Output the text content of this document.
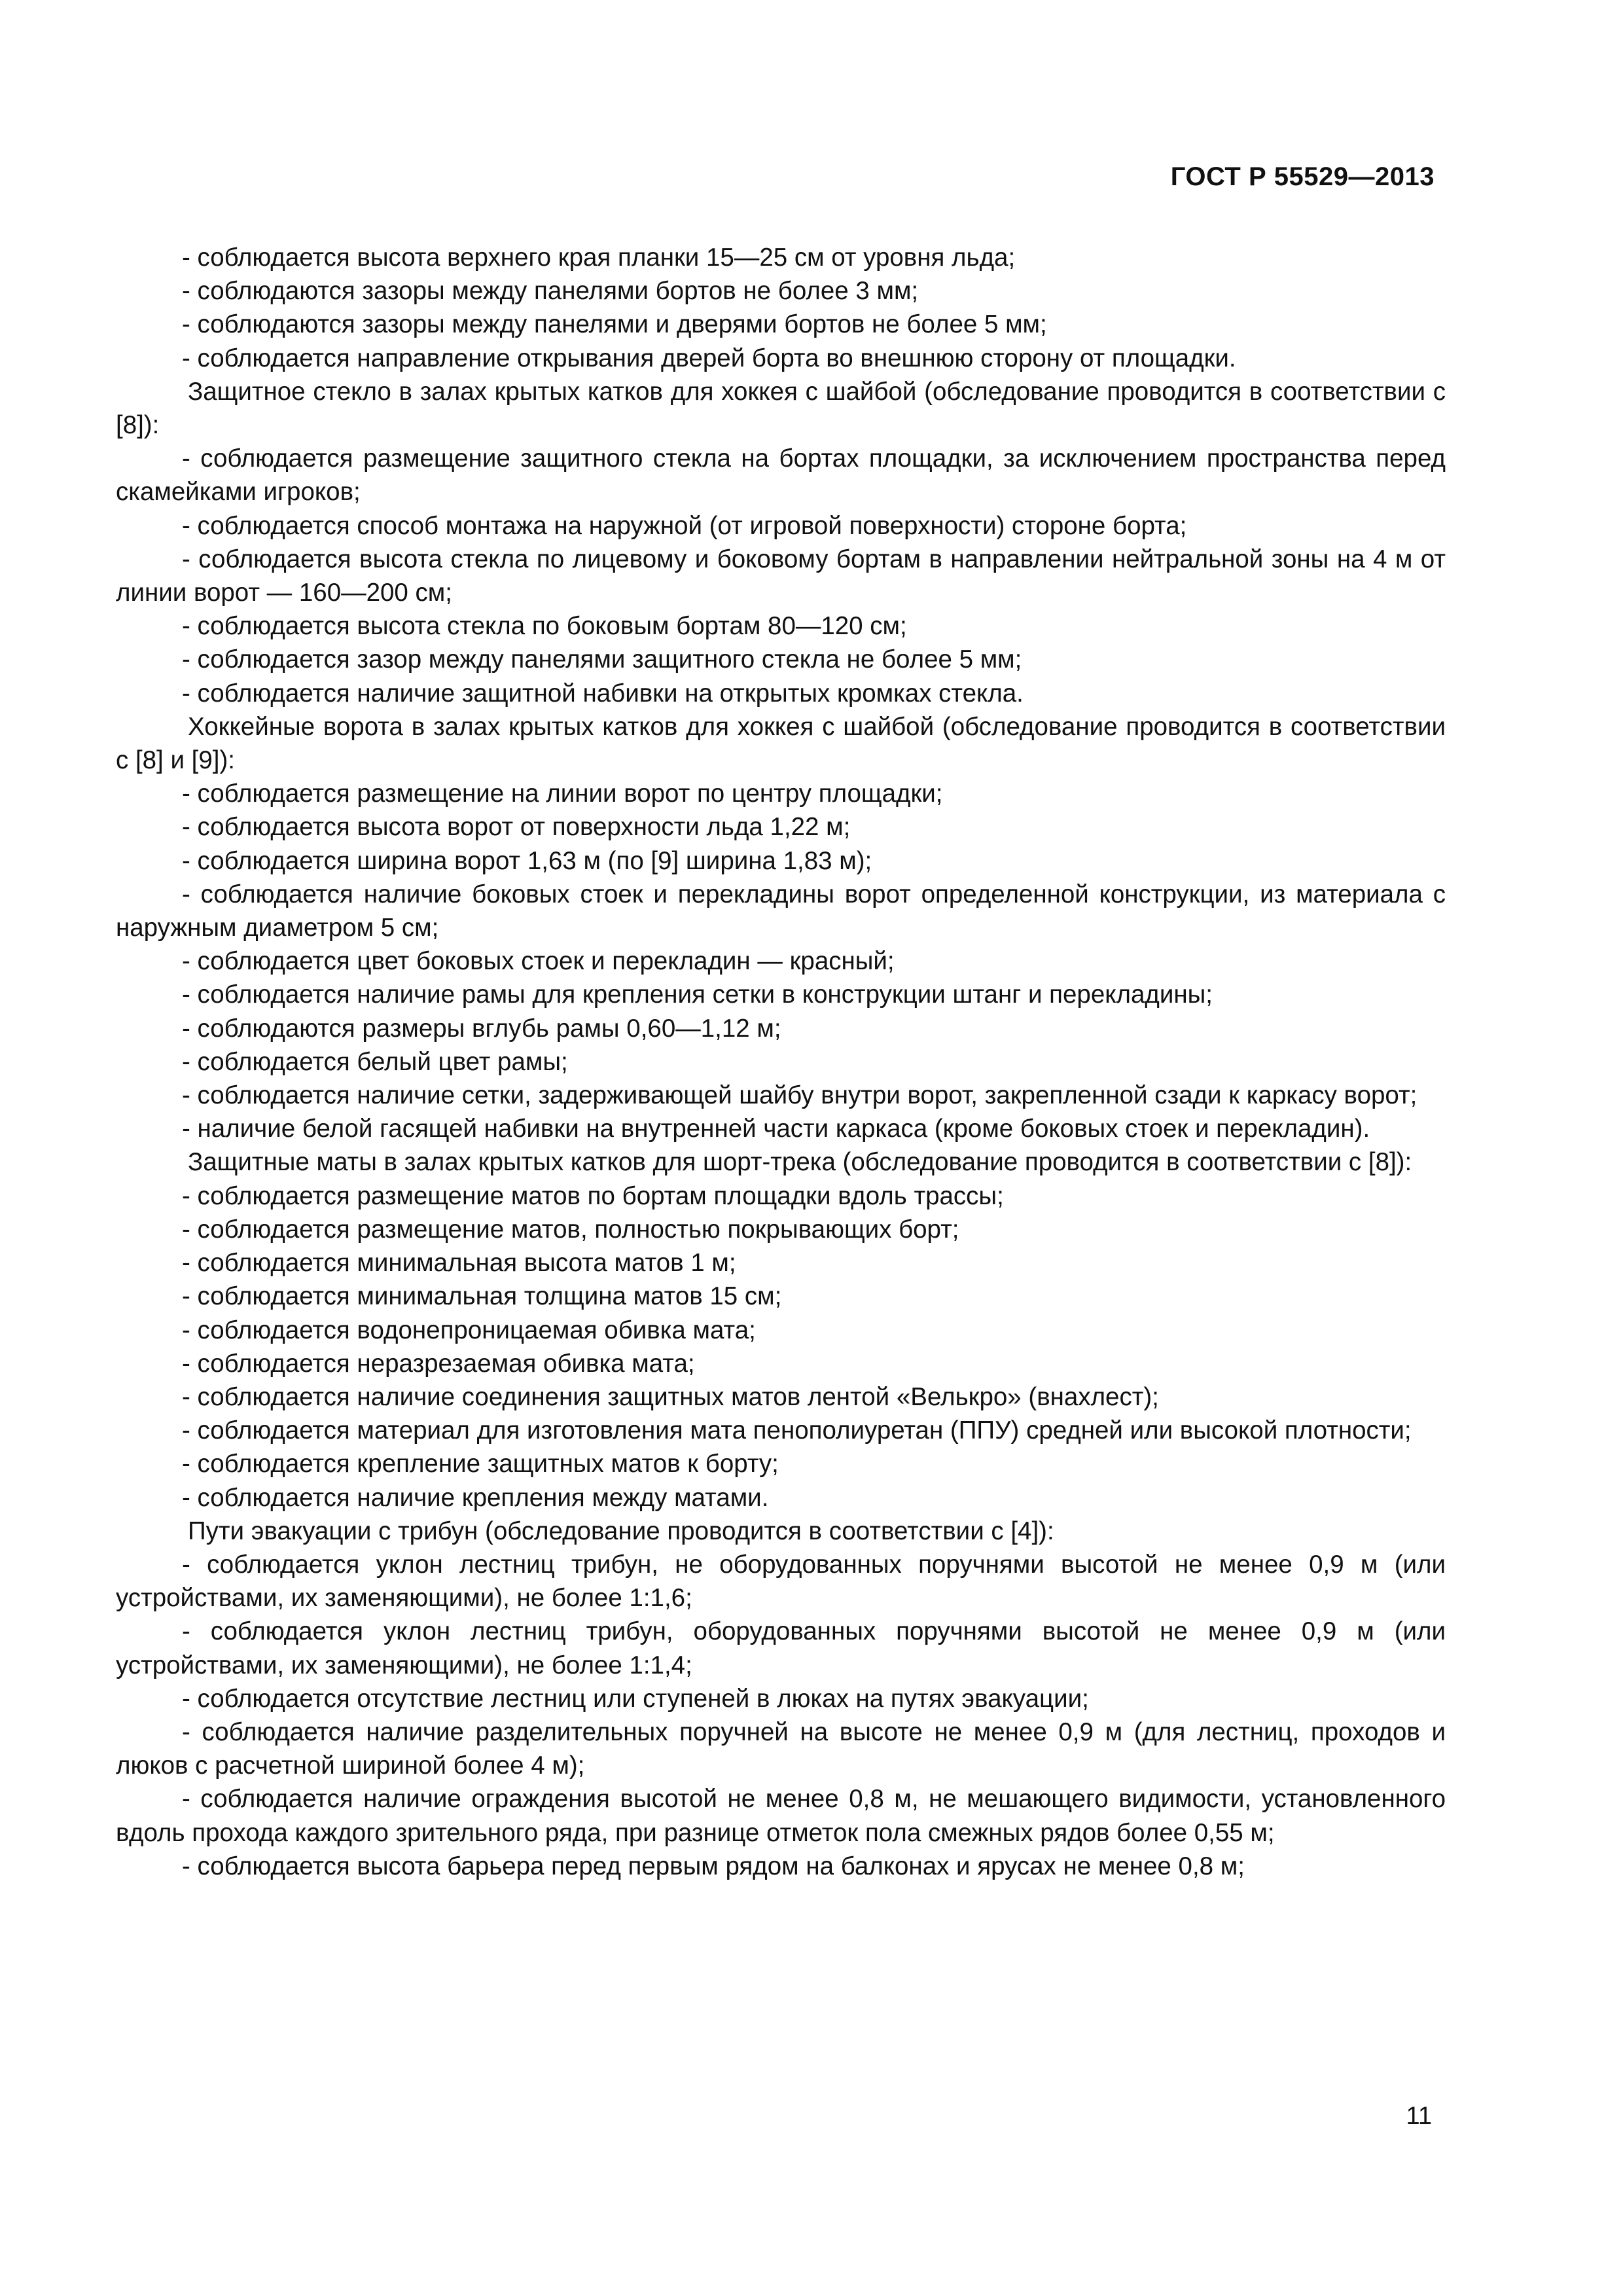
ГОСТ Р 55529—2013

- соблюдается высота верхнего края планки 15—25 см от уровня льда;

- соблюдаются зазоры между панелями бортов не более 3 мм;

- соблюдаются зазоры между панелями и дверями бортов не более 5 мм;

- соблюдается направление открывания дверей борта во внешнюю сторону от площадки.

Защитное стекло в залах крытых катков для хоккея с шайбой (обследование проводится в соответствии с [8]):

- соблюдается размещение защитного стекла на бортах площадки, за исключением пространства перед скамейками игроков;

- соблюдается способ монтажа на наружной (от игровой поверхности) стороне борта;

- соблюдается высота стекла по лицевому и боковому бортам в направлении нейтральной зоны на 4 м от линии ворот — 160—200 см;

- соблюдается высота стекла по боковым бортам 80—120 см;

- соблюдается зазор между панелями защитного стекла не более 5 мм;

- соблюдается наличие защитной набивки на открытых кромках стекла.

Хоккейные ворота в залах крытых катков для хоккея с шайбой (обследование проводится в соответствии с [8] и [9]):

- соблюдается размещение на линии ворот по центру площадки;

- соблюдается высота ворот от поверхности льда 1,22 м;

- соблюдается ширина ворот 1,63 м (по [9] ширина 1,83 м);

- соблюдается наличие боковых стоек и перекладины ворот определенной конструкции, из материала с наружным диаметром 5 см;

- соблюдается цвет боковых стоек и перекладин — красный;

- соблюдается наличие рамы для крепления сетки в конструкции штанг и перекладины;

- соблюдаются размеры вглубь рамы 0,60—1,12 м;

- соблюдается белый цвет рамы;

- соблюдается наличие сетки, задерживающей шайбу внутри ворот, закрепленной сзади к каркасу ворот;

- наличие белой гасящей набивки на внутренней части каркаса (кроме боковых стоек и перекладин).

Защитные маты в залах крытых катков для шорт-трека (обследование проводится в соответствии с [8]):

- соблюдается размещение матов по бортам площадки вдоль трассы;

- соблюдается размещение матов, полностью покрывающих борт;

- соблюдается минимальная высота матов 1 м;

- соблюдается минимальная толщина матов 15 см;

- соблюдается водонепроницаемая обивка мата;

- соблюдается неразрезаемая обивка мата;

- соблюдается наличие соединения защитных матов лентой «Велькро» (внахлест);

- соблюдается материал для изготовления мата пенополиуретан (ППУ) средней или высокой плотности;

- соблюдается крепление защитных матов к борту;

- соблюдается наличие крепления между матами.

Пути эвакуации с трибун (обследование проводится в соответствии с [4]):

- соблюдается уклон лестниц трибун, не оборудованных поручнями высотой не менее 0,9 м (или устройствами, их заменяющими), не более 1:1,6;

- соблюдается уклон лестниц трибун, оборудованных поручнями высотой не менее 0,9 м (или устройствами, их заменяющими), не более 1:1,4;

- соблюдается отсутствие лестниц или ступеней в люках на путях эвакуации;

- соблюдается наличие разделительных поручней на высоте не менее 0,9 м (для лестниц, проходов и люков с расчетной шириной более 4 м);

- соблюдается наличие ограждения высотой не менее 0,8 м, не мешающего видимости, установленного вдоль прохода каждого зрительного ряда, при разнице отметок пола смежных рядов более 0,55 м;

- соблюдается высота барьера перед первым рядом на балконах и ярусах не менее 0,8 м;

11
